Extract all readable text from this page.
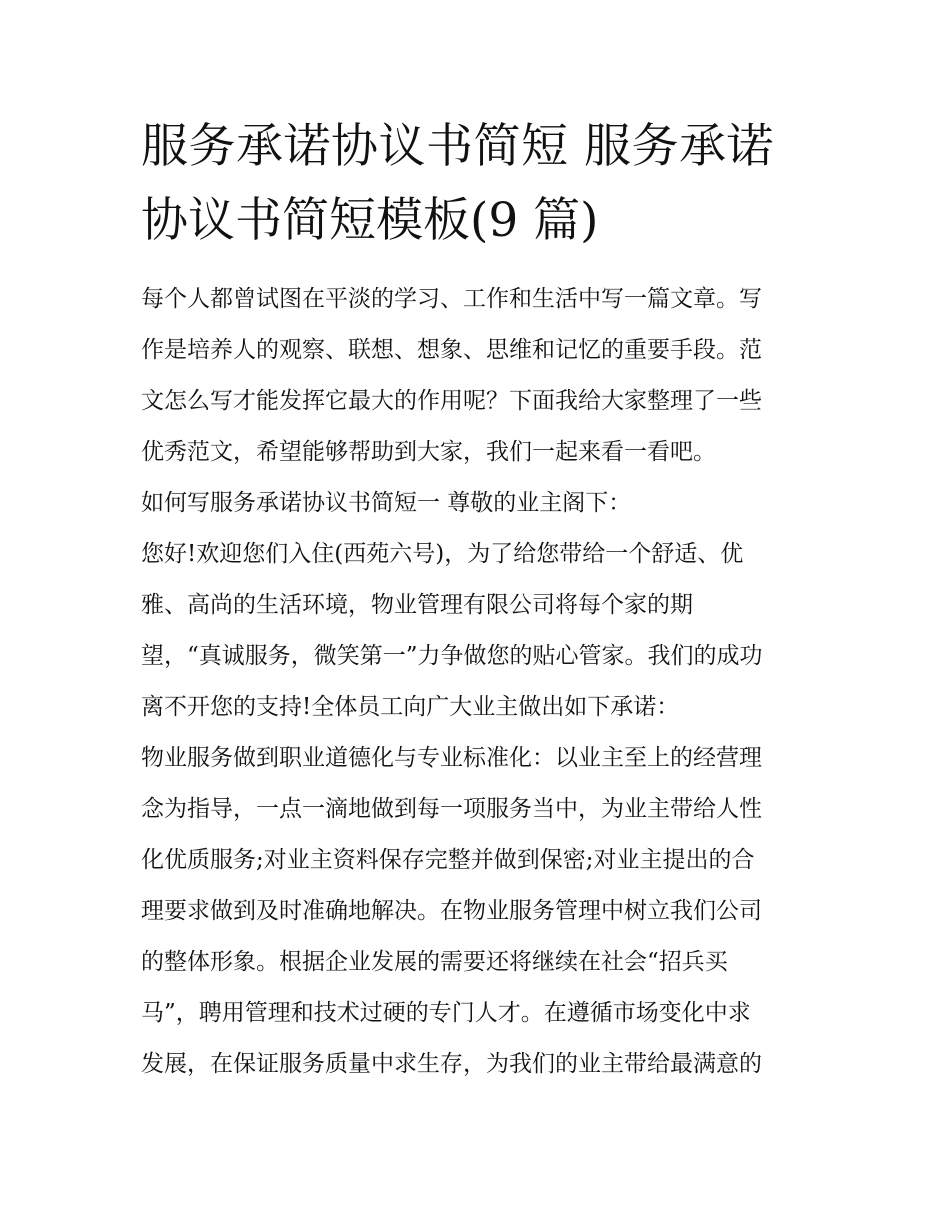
服务承诺协议书简短 服务承诺
协议书简短模板(9 篇)
每个人都曾试图在平淡的学习、工作和生活中写一篇文章。写
作是培养人的观察、联想、想象、思维和记忆的重要手段。范
文怎么写才能发挥它最大的作用呢？下面我给大家整理了一些
优秀范文，希望能够帮助到大家，我们一起来看一看吧。
如何写服务承诺协议书简短一 尊敬的业主阁下：
您好!欢迎您们入住(西苑六号)，为了给您带给一个舒适、优
雅、高尚的生活环境，物业管理有限公司将每个家的期
望，“真诚服务，微笑第一”力争做您的贴心管家。我们的成功
离不开您的支持!全体员工向广大业主做出如下承诺：
物业服务做到职业道德化与专业标准化：以业主至上的经营理
念为指导，一点一滴地做到每一项服务当中，为业主带给人性
化优质服务;对业主资料保存完整并做到保密;对业主提出的合
理要求做到及时准确地解决。在物业服务管理中树立我们公司
的整体形象。根据企业发展的需要还将继续在社会“招兵买
马”，聘用管理和技术过硬的专门人才。在遵循市场变化中求
发展，在保证服务质量中求生存，为我们的业主带给最满意的
